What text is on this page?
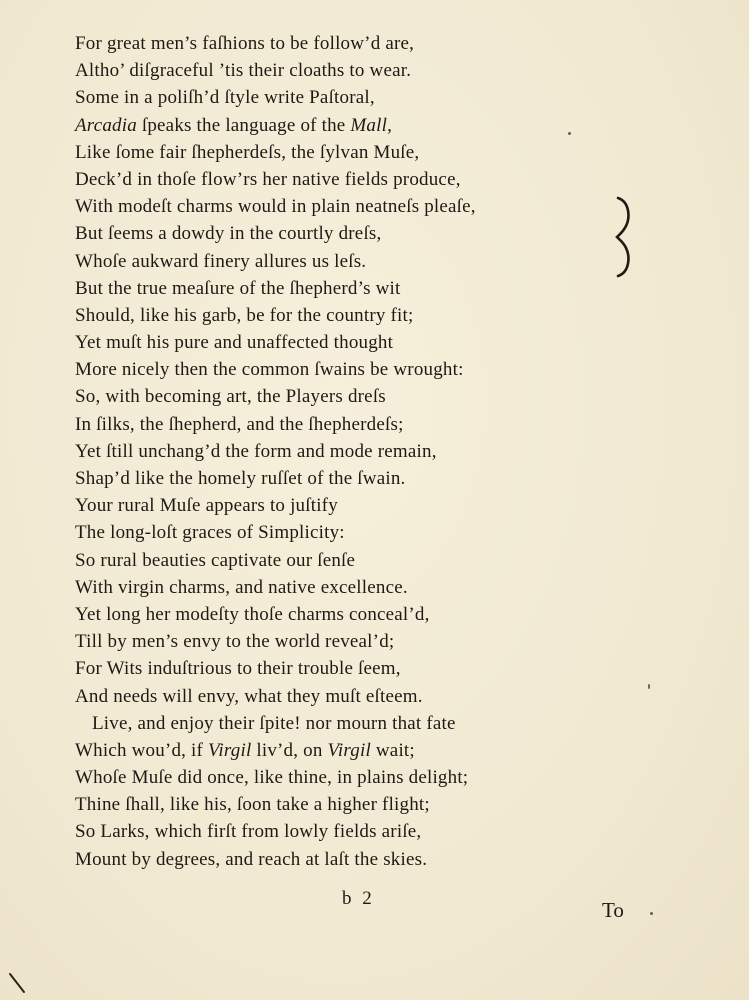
For great men’s faſhions to be follow’d are,
Altho’ diſgraceful ’tis their cloaths to wear.
Some in a poliſh’d ſtyle write Paſtoral,
Arcadia ſpeaks the language of the Mall,
Like ſome fair ſhepherdeſs, the ſylvan Muſe,
Deck’d in thoſe flow’rs her native fields produce,
With modeſt charms would in plain neatneſs pleaſe,
But ſeems a dowdy in the courtly dreſs,
Whoſe aukward finery allures us leſs.
But the true meaſure of the ſhepherd’s wit
Should, like his garb, be for the country fit;
Yet muſt his pure and unaffected thought
More nicely then the common ſwains be wrought:
So, with becoming art, the Players dreſs
In ſilks, the ſhepherd, and the ſhepherdeſs;
Yet ſtill unchang’d the form and mode remain,
Shap’d like the homely ruſſet of the ſwain.
Your rural Muſe appears to juſtify
The long-loſt graces of Simplicity:
So rural beauties captivate our ſenſe
With virgin charms, and native excellence.
Yet long her modeſty thoſe charms conceal’d,
Till by men’s envy to the world reveal’d;
For Wits induſtrious to their trouble ſeem,
And needs will envy, what they muſt eſteem.
Live, and enjoy their ſpite! nor mourn that fate
Which wou’d, if Virgil liv’d, on Virgil wait;
Whoſe Muſe did once, like thine, in plains delight;
Thine ſhall, like his, ſoon take a higher flight;
So Larks, which firſt from lowly fields ariſe,
Mount by degrees, and reach at laſt the skies.
b 2	To
